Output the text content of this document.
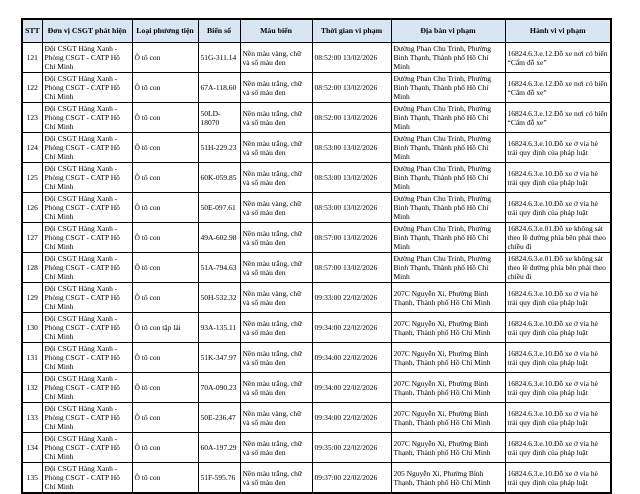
STT	Đơn vị CSGT phát hiện	Loại phương tiện	Biển số	Màu biển	Thời gian vi phạm	Địa bàn vi phạm	Hành vi vi phạm
121	Đội CSGT Hàng Xanh - Phòng CSGT - CATP Hồ Chí Minh	Ô tô con	51G-311.14	Nền màu vàng, chữ và số màu đen	08:52:00 13/02/2026	Đường Phan Chu Trinh, Phường Bình Thạnh, Thành phố Hồ Chí Minh	16824.6.3.e.12.Đỗ xe nơi có biển “Cấm đỗ xe”
122	Đội CSGT Hàng Xanh - Phòng CSGT - CATP Hồ Chí Minh	Ô tô con	67A-118.60	Nền màu trắng, chữ và số màu đen	08:52:00 13/02/2026	Đường Phan Chu Trinh, Phường Bình Thạnh, Thành phố Hồ Chí Minh	16824.6.3.e.12.Đỗ xe nơi có biển “Cấm đỗ xe”
123	Đội CSGT Hàng Xanh - Phòng CSGT - CATP Hồ Chí Minh	Ô tô con	50LD-18070	Nền màu trắng, chữ và số màu đen	08:52:00 13/02/2026	Đường Phan Chu Trinh, Phường Bình Thạnh, Thành phố Hồ Chí Minh	16824.6.3.e.12.Đỗ xe nơi có biển “Cấm đỗ xe”
124	Đội CSGT Hàng Xanh - Phòng CSGT - CATP Hồ Chí Minh	Ô tô con	51H-229.23	Nền màu trắng, chữ và số màu đen	08:53:00 13/02/2026	Đường Phan Chu Trinh, Phường Bình Thạnh, Thành phố Hồ Chí Minh	16824.6.3.e.10.Đỗ xe ở vỉa hè trái quy định của pháp luật
125	Đội CSGT Hàng Xanh - Phòng CSGT - CATP Hồ Chí Minh	Ô tô con	60K-059.85	Nền màu trắng, chữ và số màu đen	08:53:00 13/02/2026	Đường Phan Chu Trinh, Phường Bình Thạnh, Thành phố Hồ Chí Minh	16824.6.3.e.10.Đỗ xe ở vỉa hè trái quy định của pháp luật
126	Đội CSGT Hàng Xanh - Phòng CSGT - CATP Hồ Chí Minh	Ô tô con	50E-097.61	Nền màu vàng, chữ và số màu đen	08:53:00 13/02/2026	Đường Phan Chu Trinh, Phường Bình Thạnh, Thành phố Hồ Chí Minh	16824.6.3.e.10.Đỗ xe ở vỉa hè trái quy định của pháp luật
127	Đội CSGT Hàng Xanh - Phòng CSGT - CATP Hồ Chí Minh	Ô tô con	49A-602.98	Nền màu trắng, chữ và số màu đen	08:57:00 13/02/2026	Đường Phan Chu Trinh, Phường Bình Thạnh, Thành phố Hồ Chí Minh	16824.6.3.e.01.Đỗ xe không sát theo lề đường phía bên phải theo chiều đi
128	Đội CSGT Hàng Xanh - Phòng CSGT - CATP Hồ Chí Minh	Ô tô con	51A-794.63	Nền màu trắng, chữ và số màu đen	08:57:00 13/02/2026	Đường Phan Chu Trinh, Phường Bình Thạnh, Thành phố Hồ Chí Minh	16824.6.3.e.01.Đỗ xe không sát theo lề đường phía bên phải theo chiều đi
129	Đội CSGT Hàng Xanh - Phòng CSGT - CATP Hồ Chí Minh	Ô tô con	50H-532.32	Nền màu vàng, chữ và số màu đen	09:33:00 22/02/2026	207C Nguyễn Xi, Phường Bình Thạnh, Thành phố Hồ Chí Minh	16824.6.3.e.10.Đỗ xe ở vỉa hè trái quy định của pháp luật
130	Đội CSGT Hàng Xanh - Phòng CSGT - CATP Hồ Chí Minh	Ô tô con tập lái	93A-135.11	Nền màu trắng, chữ và số màu đen	09:34:00 22/02/2026	207C Nguyễn Xi, Phường Bình Thạnh, Thành phố Hồ Chí Minh	16824.6.3.e.10.Đỗ xe ở vỉa hè trái quy định của pháp luật
131	Đội CSGT Hàng Xanh - Phòng CSGT - CATP Hồ Chí Minh	Ô tô con	51K-347.97	Nền màu trắng, chữ và số màu đen	09:34:00 22/02/2026	207C Nguyễn Xi, Phường Bình Thạnh, Thành phố Hồ Chí Minh	16824.6.3.e.10.Đỗ xe ở vỉa hè trái quy định của pháp luật
132	Đội CSGT Hàng Xanh - Phòng CSGT - CATP Hồ Chí Minh	Ô tô con	70A-090.23	Nền màu trắng, chữ và số màu đen	09:34:00 22/02/2026	207C Nguyễn Xi, Phường Bình Thạnh, Thành phố Hồ Chí Minh	16824.6.3.e.10.Đỗ xe ở vỉa hè trái quy định của pháp luật
133	Đội CSGT Hàng Xanh - Phòng CSGT - CATP Hồ Chí Minh	Ô tô con	50E-236.47	Nền màu vàng, chữ và số màu đen	09:34:00 22/02/2026	207C Nguyễn Xi, Phường Bình Thạnh, Thành phố Hồ Chí Minh	16824.6.3.e.10.Đỗ xe ở vỉa hè trái quy định của pháp luật
134	Đội CSGT Hàng Xanh - Phòng CSGT - CATP Hồ Chí Minh	Ô tô con	60A-197.29	Nền màu trắng, chữ và số màu đen	09:35:00 22/02/2026	207C Nguyễn Xi, Phường Bình Thạnh, Thành phố Hồ Chí Minh	16824.6.3.e.10.Đỗ xe ở vỉa hè trái quy định của pháp luật
135	Đội CSGT Hàng Xanh - Phòng CSGT - CATP Hồ Chí Minh	Ô tô con	51F-595.76	Nền màu trắng, chữ và số màu đen	09:37:00 22/02/2026	205 Nguyễn Xi, Phường Bình Thạnh, Thành phố Hồ Chí Minh	16824.6.3.e.10.Đỗ xe ở vỉa hè trái quy định của pháp luật
